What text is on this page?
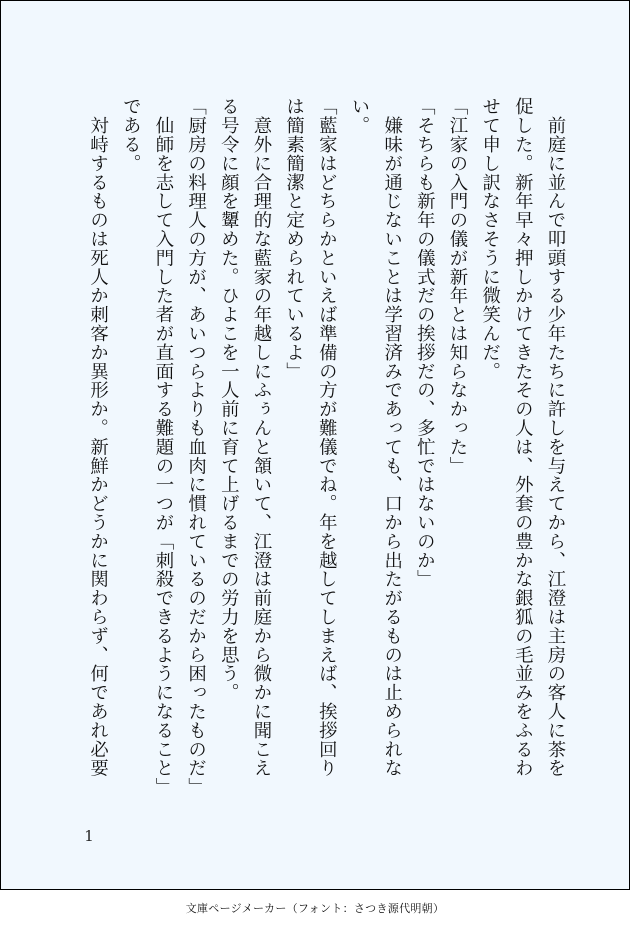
　前庭に並んで叩頭する少年たちに許しを与えてから、江澄は主房の客人に茶を
促した。新年早々押しかけてきたその人は、外套の豊かな銀狐の毛並みをふるわ
せて申し訳なさそうに微笑んだ。
「江家の入門の儀が新年とは知らなかった」
「そちらも新年の儀式だの挨拶だの、多忙ではないのか」
　嫌味が通じないことは学習済みであっても、口から出たがるものは止められな
い。
「藍家はどちらかといえば準備の方が難儀でね。年を越してしまえば、挨拶回り
は簡素簡潔と定められているよ」
　意外に合理的な藍家の年越しにふぅんと頷いて、江澄は前庭から微かに聞こえ
る号令に顔を顰めた。ひよこを一人前に育て上げるまでの労力を思う。
「厨房の料理人の方が、あいつらよりも血肉に慣れているのだから困ったものだ」
　仙師を志して入門した者が直面する難題の一つが「刺殺できるようになること」
である。
　対峙するものは死人か刺客か異形か。新鮮かどうかに関わらず、何であれ必要
1
文庫ページメーカー（フォント：さつき源代明朝）
